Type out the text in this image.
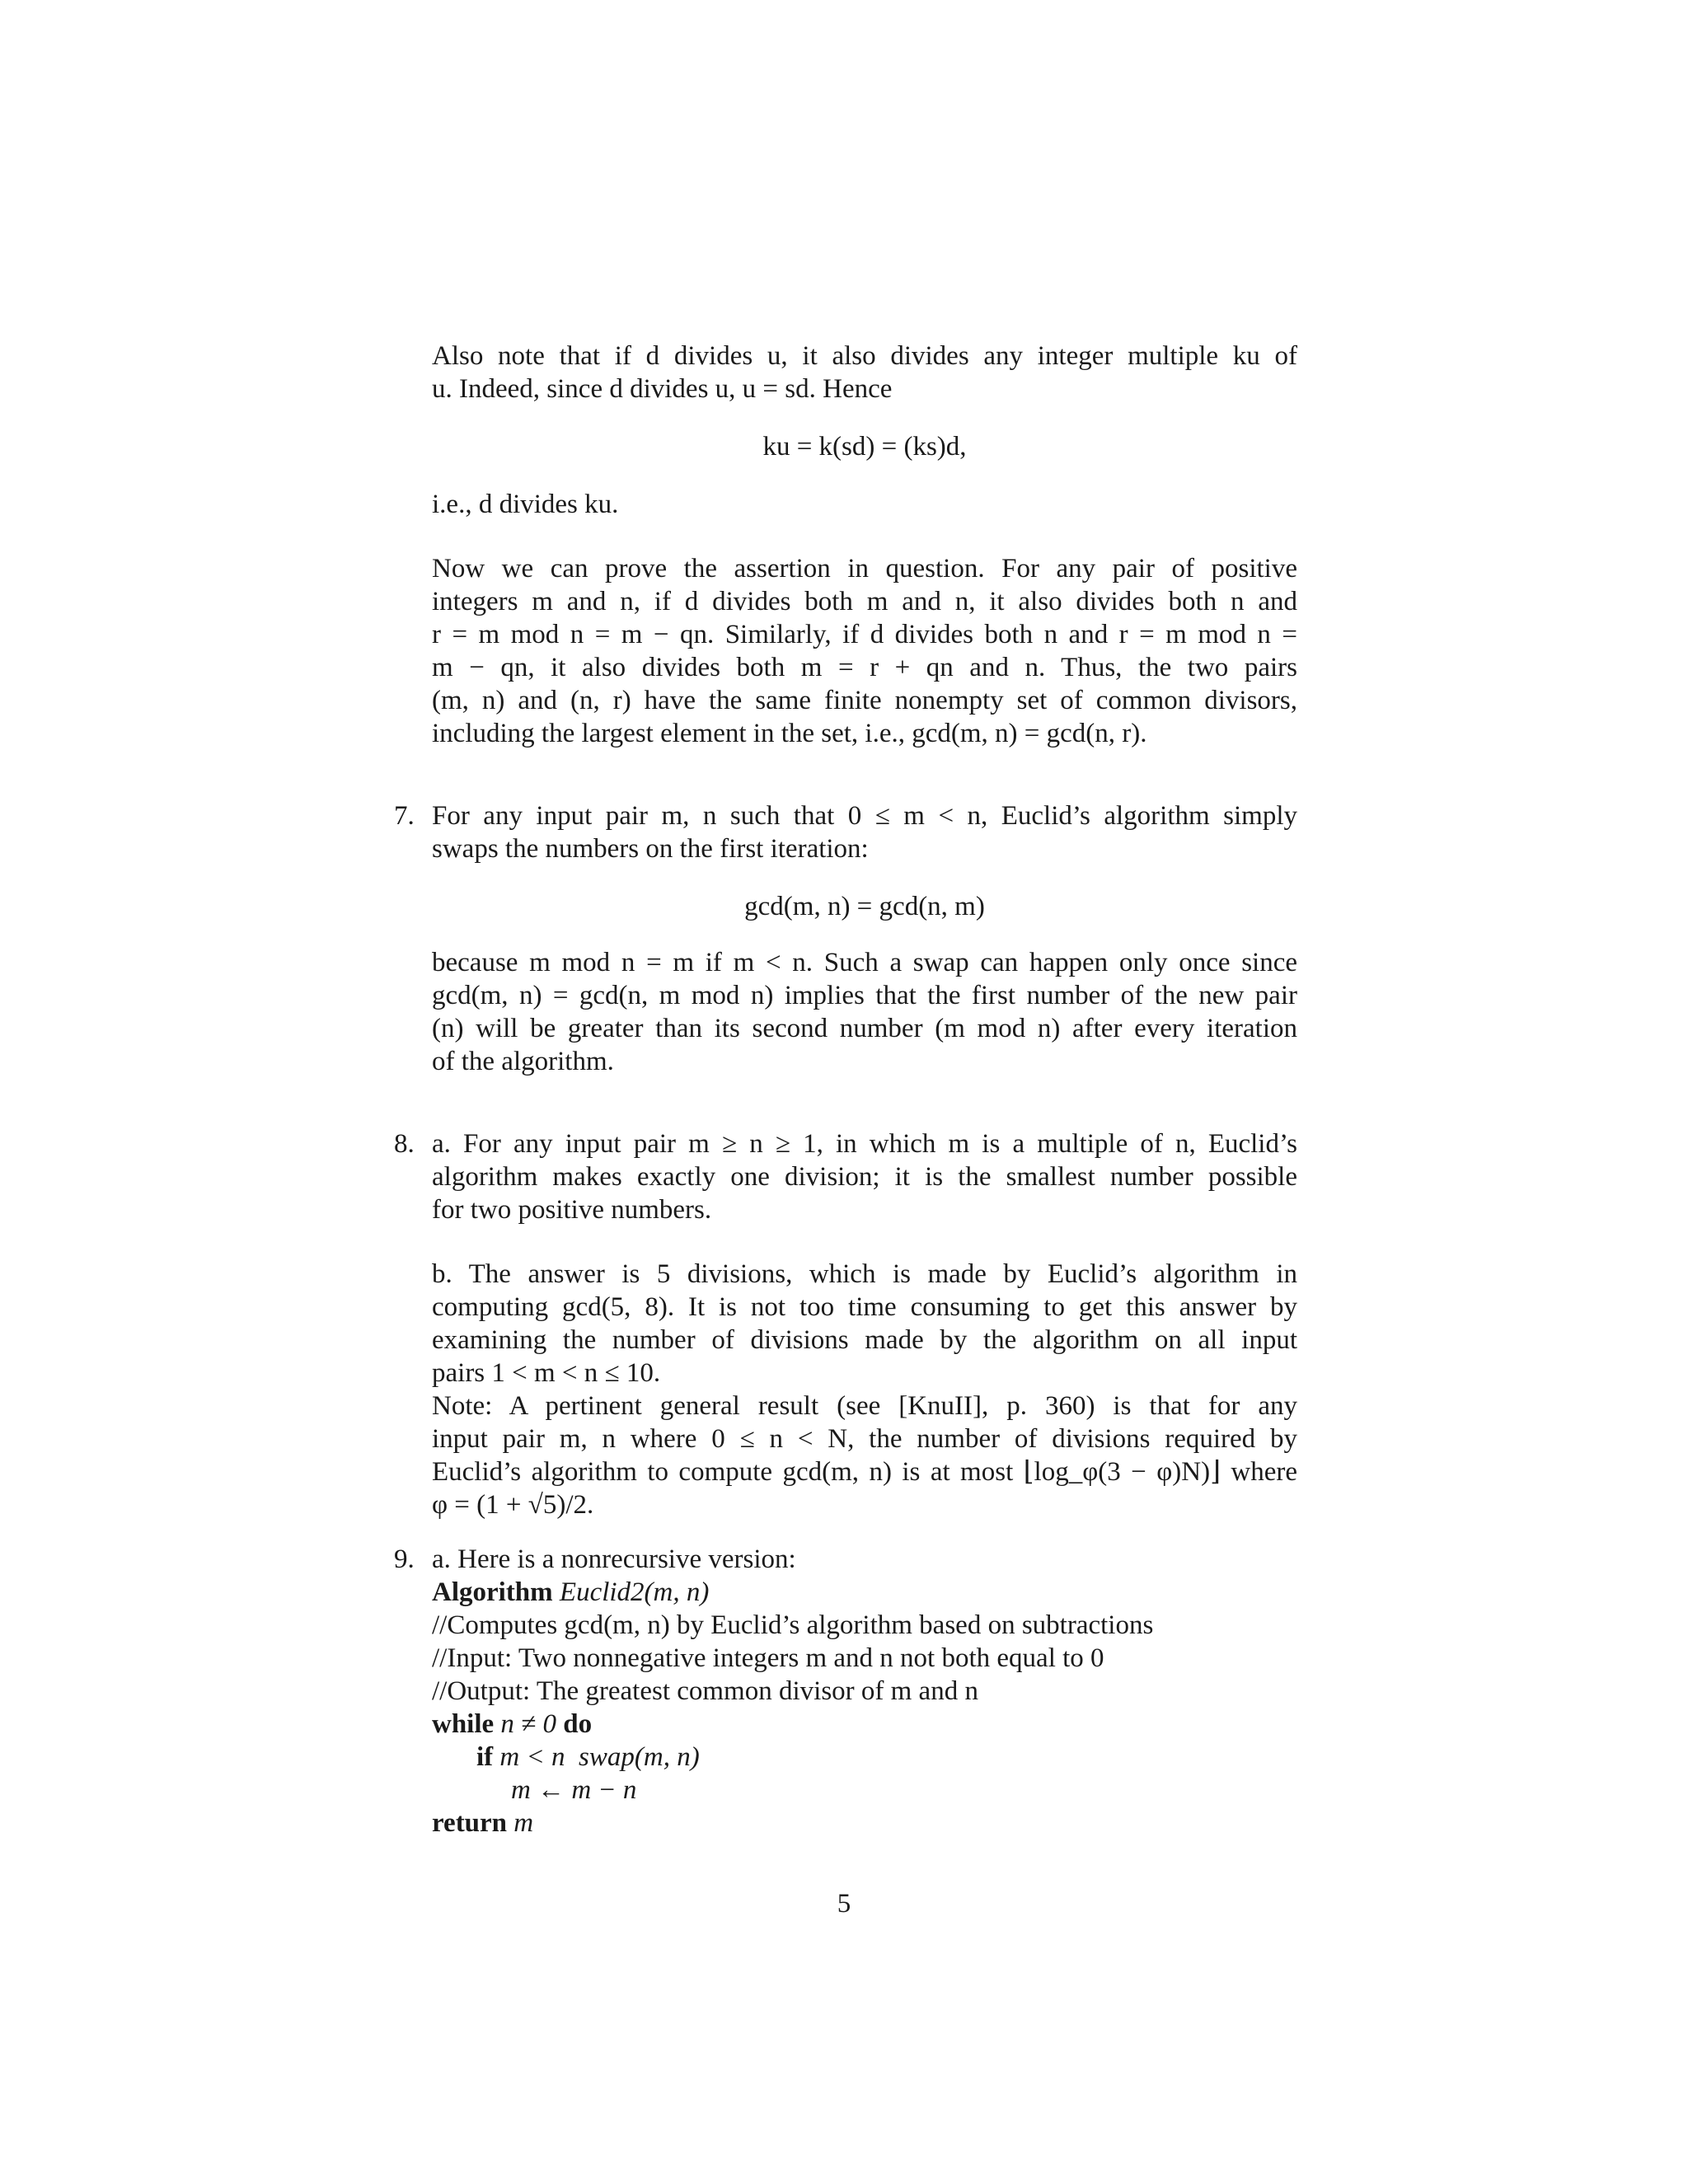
Also note that if d divides u, it also divides any integer multiple ku of
u. Indeed, since d divides u, u = sd. Hence
ku = k(sd) = (ks)d,
i.e., d divides ku.
Now we can prove the assertion in question. For any pair of positive
integers m and n, if d divides both m and n, it also divides both n and
r = m mod n = m − qn. Similarly, if d divides both n and r = m mod n =
m − qn, it also divides both m = r + qn and n. Thus, the two pairs
(m, n) and (n, r) have the same finite nonempty set of common divisors,
including the largest element in the set, i.e., gcd(m, n) = gcd(n, r).
7. For any input pair m, n such that 0 ≤ m < n, Euclid’s algorithm simply
swaps the numbers on the first iteration:
gcd(m, n) = gcd(n, m)
because m mod n = m if m < n. Such a swap can happen only once since
gcd(m, n) = gcd(n, m mod n) implies that the first number of the new pair
(n) will be greater than its second number (m mod n) after every iteration
of the algorithm.
8. a. For any input pair m ≥ n ≥ 1, in which m is a multiple of n, Euclid’s
algorithm makes exactly one division; it is the smallest number possible
for two positive numbers.
b. The answer is 5 divisions, which is made by Euclid’s algorithm in
computing gcd(5, 8). It is not too time consuming to get this answer by
examining the number of divisions made by the algorithm on all input
pairs 1 < m < n ≤ 10.
Note: A pertinent general result (see [KnuII], p. 360) is that for any
input pair m, n where 0 ≤ n < N, the number of divisions required by
Euclid’s algorithm to compute gcd(m, n) is at most ⌊log_φ(3 − φ)N)⌋ where
φ = (1 + √5)/2.
9. a. Here is a nonrecursive version:
Algorithm Euclid2(m, n)
//Computes gcd(m, n) by Euclid’s algorithm based on subtractions
//Input: Two nonnegative integers m and n not both equal to 0
//Output: The greatest common divisor of m and n
while n ≠ 0 do
if m < n swap(m, n)
m ← m − n
return m
5
